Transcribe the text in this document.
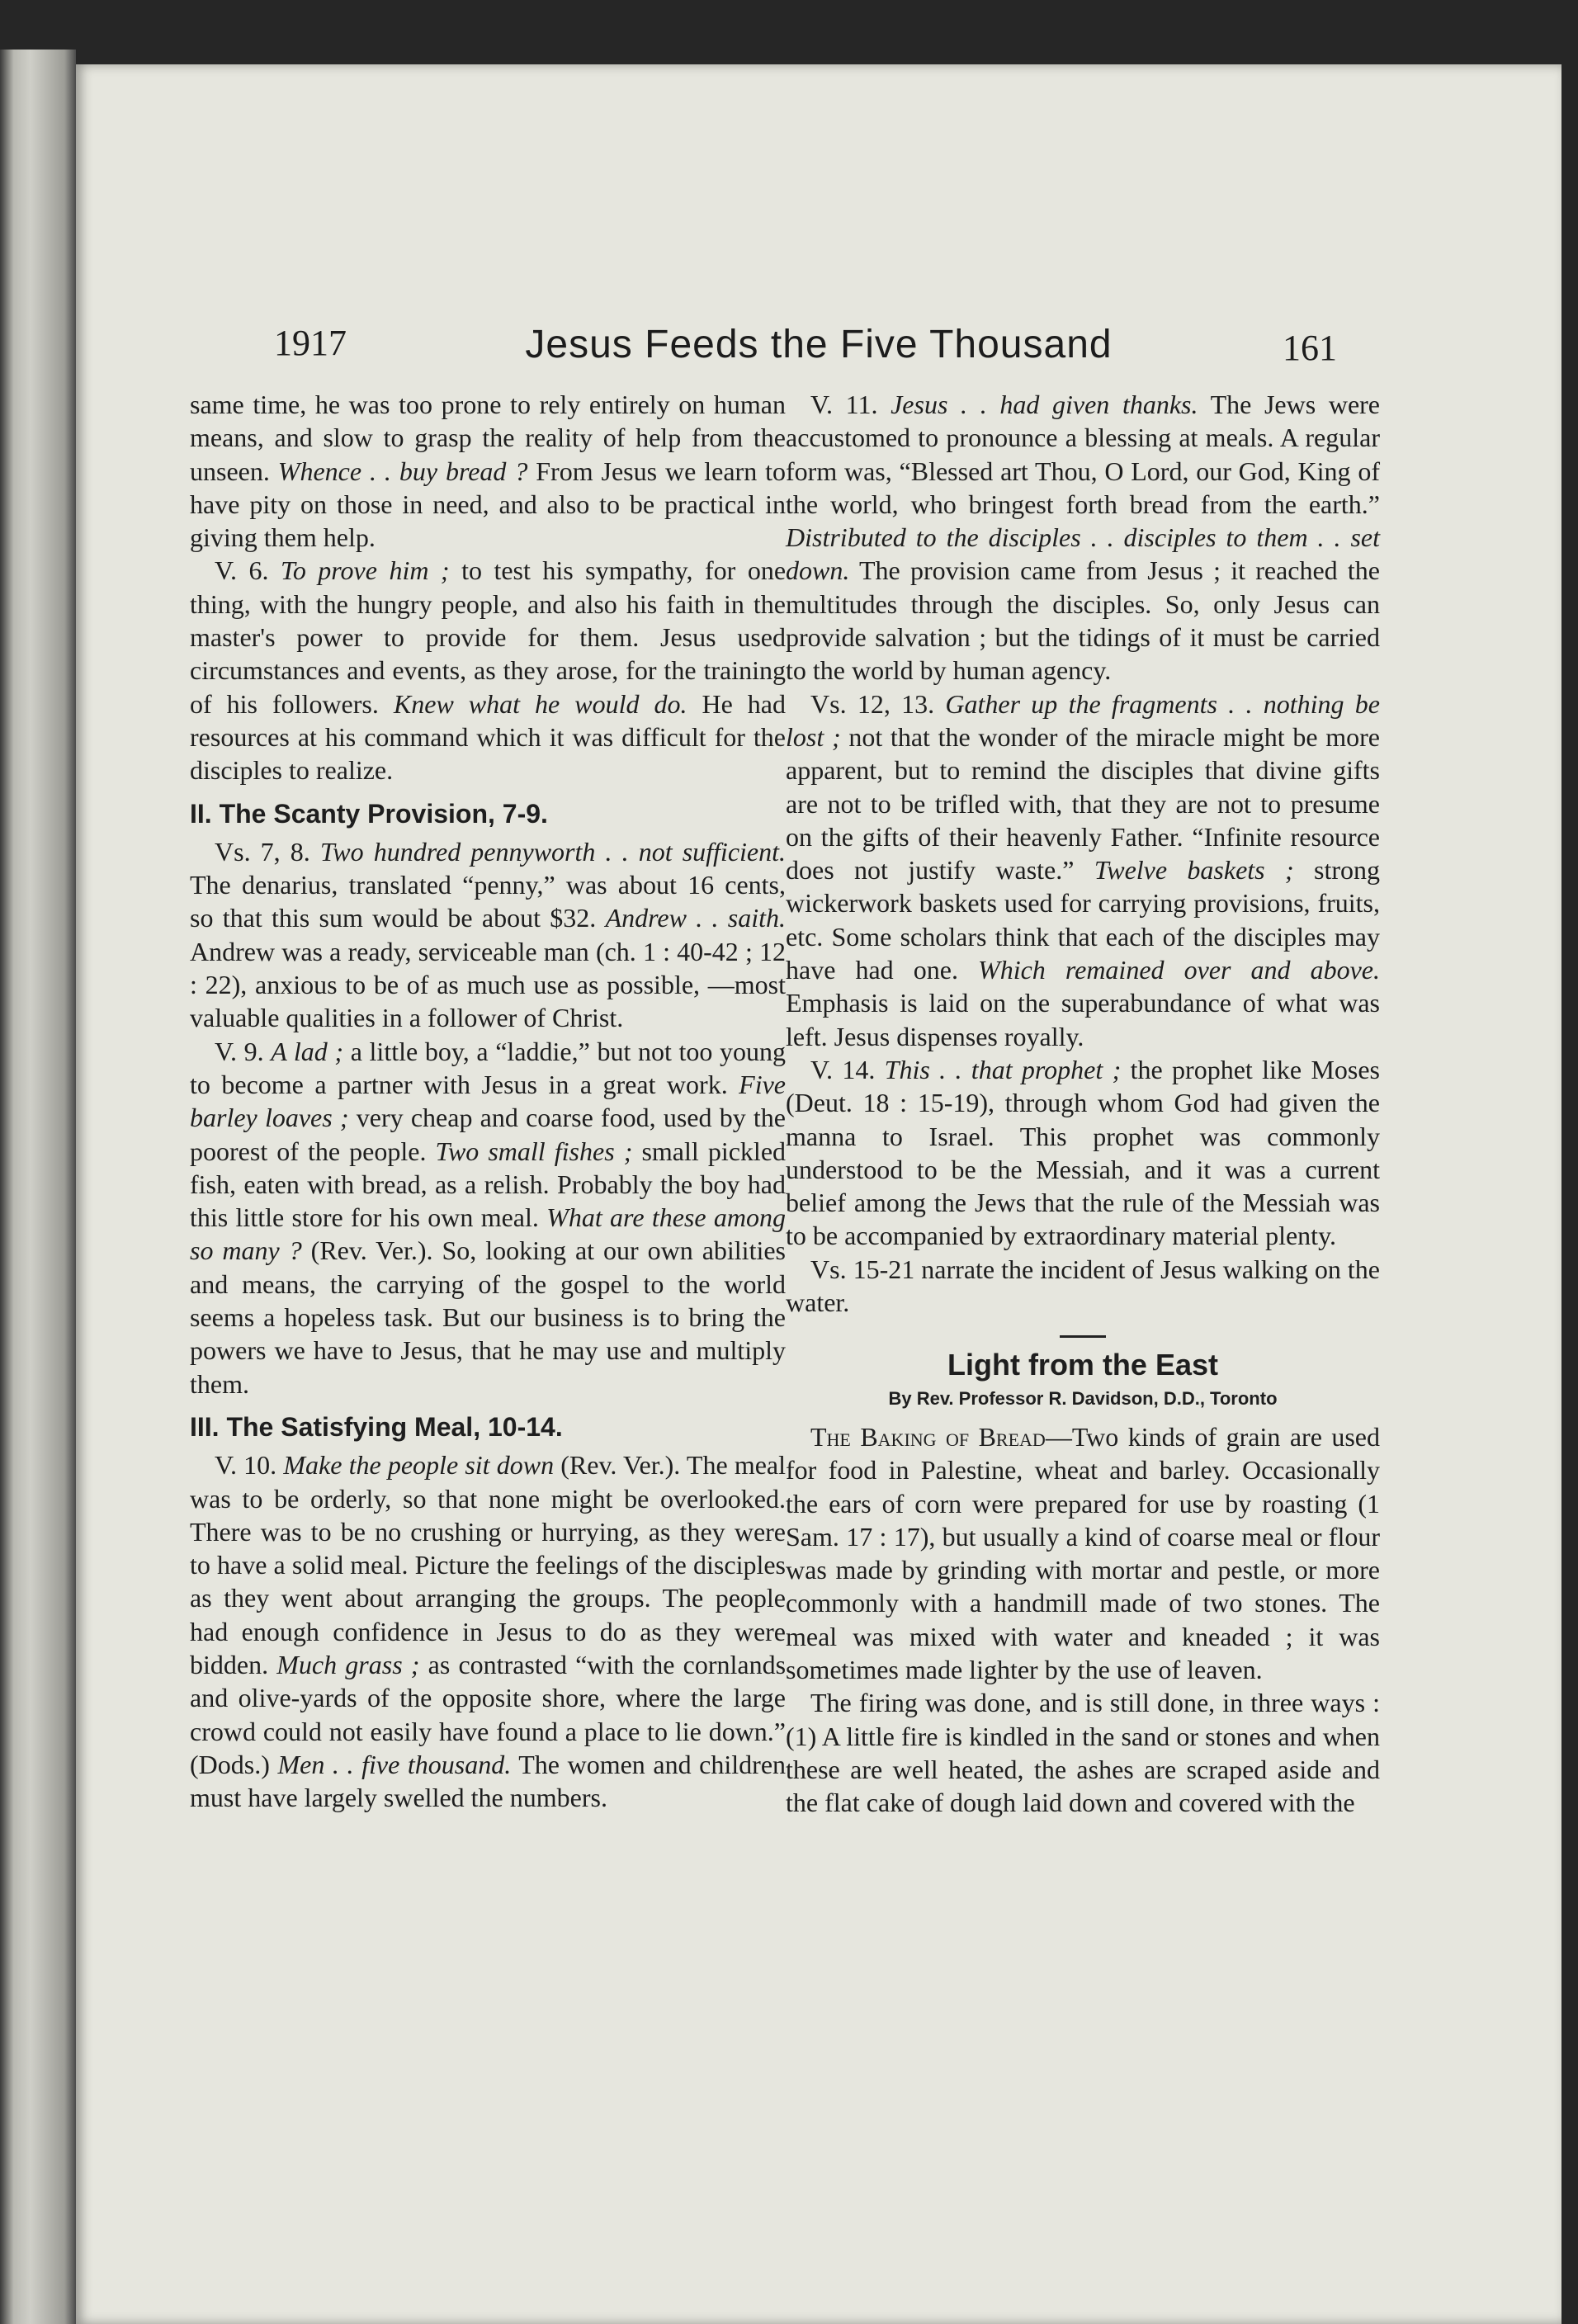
1917	Jesus Feeds the Five Thousand	161

same time, he was too prone to rely entirely on human means, and slow to grasp the reality of help from the unseen. Whence . . buy bread ? From Jesus we learn to have pity on those in need, and also to be practical in giving them help.

V. 6. To prove him ; to test his sympathy, for one thing, with the hungry people, and also his faith in the master's power to provide for them. Jesus used circumstances and events, as they arose, for the training of his followers. Knew what he would do. He had resources at his command which it was difficult for the disciples to realize.

II. The Scanty Provision, 7-9.

Vs. 7, 8. Two hundred pennyworth . . not sufficient. The denarius, translated “penny,” was about 16 cents, so that this sum would be about $32. Andrew . . saith. Andrew was a ready, serviceable man (ch. 1 : 40-42 ; 12 : 22), anxious to be of as much use as possible, —most valuable qualities in a follower of Christ.

V. 9. A lad ; a little boy, a “laddie,” but not too young to become a partner with Jesus in a great work. Five barley loaves ; very cheap and coarse food, used by the poorest of the people. Two small fishes ; small pickled fish, eaten with bread, as a relish. Probably the boy had this little store for his own meal. What are these among so many ? (Rev. Ver.). So, looking at our own abilities and means, the carrying of the gospel to the world seems a hopeless task. But our business is to bring the powers we have to Jesus, that he may use and multiply them.

III. The Satisfying Meal, 10-14.

V. 10. Make the people sit down (Rev. Ver.). The meal was to be orderly, so that none might be overlooked. There was to be no crushing or hurrying, as they were to have a solid meal. Picture the feelings of the disciples as they went about arranging the groups. The people had enough confidence in Jesus to do as they were bidden. Much grass ; as contrasted “with the cornlands and olive-yards of the opposite shore, where the large crowd could not easily have found a place to lie down.” (Dods.) Men . . five thousand. The women and children must have largely swelled the numbers.

V. 11. Jesus . . had given thanks. The Jews were accustomed to pronounce a blessing at meals. A regular form was, “Blessed art Thou, O Lord, our God, King of the world, who bringest forth bread from the earth.” Distributed to the disciples . . disciples to them . . set down. The provision came from Jesus ; it reached the multitudes through the disciples. So, only Jesus can provide salvation ; but the tidings of it must be carried to the world by human agency.

Vs. 12, 13. Gather up the fragments . . nothing be lost ; not that the wonder of the miracle might be more apparent, but to remind the disciples that divine gifts are not to be trifled with, that they are not to presume on the gifts of their heavenly Father. “Infinite resource does not justify waste.” Twelve baskets ; strong wickerwork baskets used for carrying provisions, fruits, etc. Some scholars think that each of the disciples may have had one. Which remained over and above. Emphasis is laid on the superabundance of what was left. Jesus dispenses royally.

V. 14. This . . that prophet ; the prophet like Moses (Deut. 18 : 15-19), through whom God had given the manna to Israel. This prophet was commonly understood to be the Messiah, and it was a current belief among the Jews that the rule of the Messiah was to be accompanied by extraordinary material plenty.

Vs. 15-21 narrate the incident of Jesus walking on the water.

Light from the East
By Rev. Professor R. Davidson, D.D., Toronto

The Baking of Bread—Two kinds of grain are used for food in Palestine, wheat and barley. Occasionally the ears of corn were prepared for use by roasting (1 Sam. 17 : 17), but usually a kind of coarse meal or flour was made by grinding with mortar and pestle, or more commonly with a handmill made of two stones. The meal was mixed with water and kneaded ; it was sometimes made lighter by the use of leaven.

The firing was done, and is still done, in three ways : (1) A little fire is kindled in the sand or stones and when these are well heated, the ashes are scraped aside and the flat cake of dough laid down and covered with the
